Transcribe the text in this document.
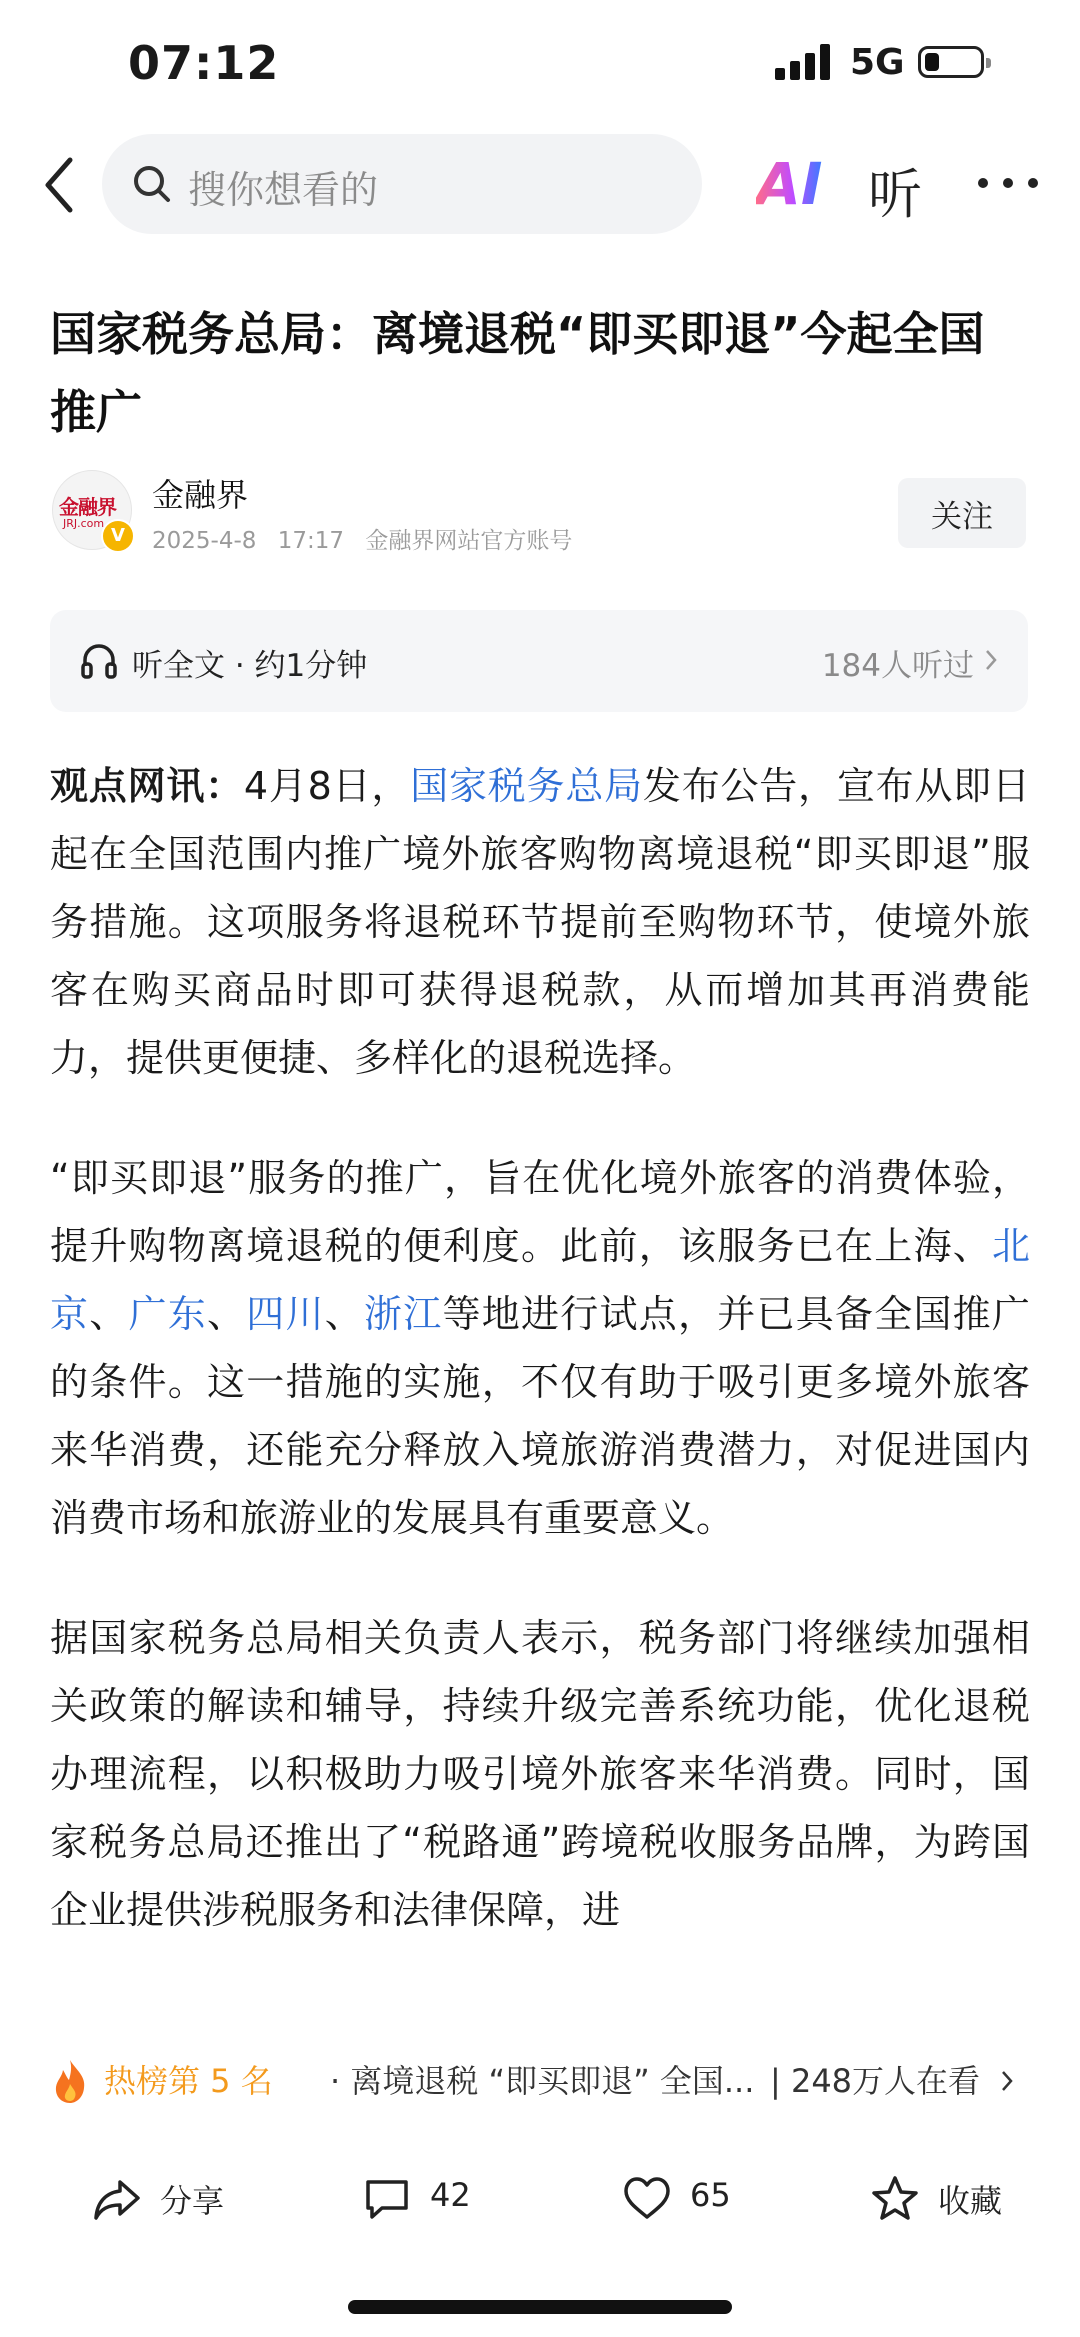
07:12	5G
搜你想看的	AI 听
国家税务总局：离境退税“即买即退”今起全国推广
金融界
JRJ.com
V
金融界
2025-4-8 17:17 金融界网站官方账号
关注
听全文 · 约1分钟	184人听过

观点网讯：4月8日，国家税务总局发布公告，宣布从即日起在全国范围内推广境外旅客购物离境退税“即买即退”服务措施。这项服务将退税环节提前至购物环节，使境外旅客在购买商品时即可获得退税款，从而增加其再消费能力，提供更便捷、多样化的退税选择。

“即买即退”服务的推广，旨在优化境外旅客的消费体验，提升购物离境退税的便利度。此前，该服务已在上海、北京、广东、四川、浙江等地进行试点，并已具备全国推广的条件。这一措施的实施，不仅有助于吸引更多境外旅客来华消费，还能充分释放入境旅游消费潜力，对促进国内消费市场和旅游业的发展具有重要意义。

据国家税务总局相关负责人表示，税务部门将继续加强相关政策的解读和辅导，持续升级完善系统功能，优化退税办理流程，以积极助力吸引境外旅客来华消费。同时，国家税务总局还推出了“税路通”跨境税收服务品牌，为跨国企业提供涉税服务和法律保障，进

热榜第 5 名 · 离境退税 “即买即退” 全国... | 248万人在看
分享	42	65	收藏
